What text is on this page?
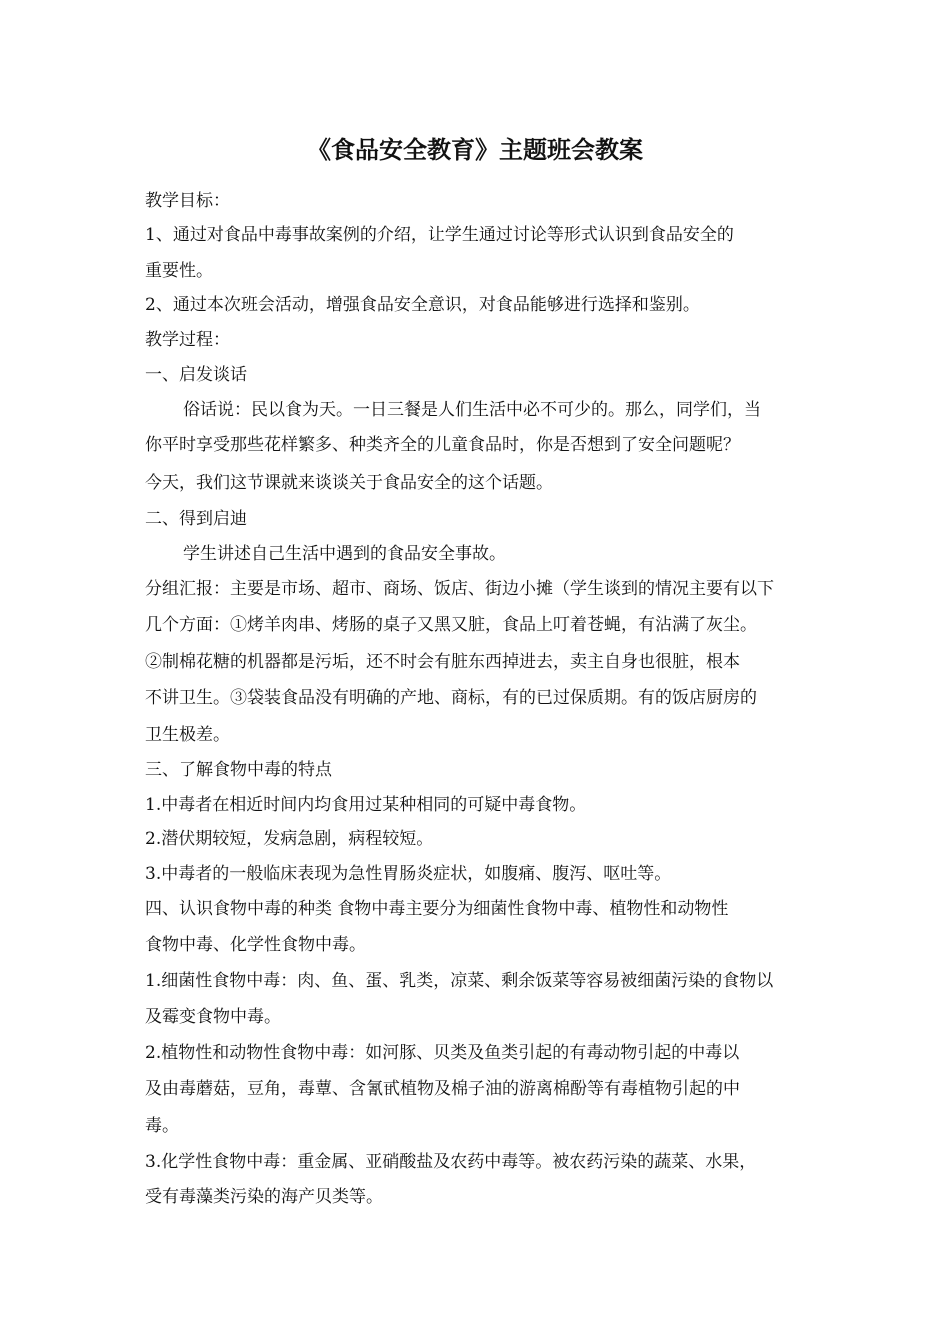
《食品安全教育》主题班会教案
教学目标：
1、通过对食品中毒事故案例的介绍，让学生通过讨论等形式认识到食品安全的
重要性。
2、通过本次班会活动，增强食品安全意识，对食品能够进行选择和鉴别。
教学过程：
一、启发谈话
俗话说：民以食为天。一日三餐是人们生活中必不可少的。那么，同学们，当
你平时享受那些花样繁多、种类齐全的儿童食品时，你是否想到了安全问题呢？
今天，我们这节课就来谈谈关于食品安全的这个话题。
二、得到启迪
学生讲述自己生活中遇到的食品安全事故。
分组汇报：主要是市场、超市、商场、饭店、街边小摊（学生谈到的情况主要有以下
几个方面：①烤羊肉串、烤肠的桌子又黑又脏，食品上叮着苍蝇，有沾满了灰尘。
②制棉花糖的机器都是污垢，还不时会有脏东西掉进去，卖主自身也很脏，根本
不讲卫生。③袋装食品没有明确的产地、商标，有的已过保质期。有的饭店厨房的
卫生极差。
三、了解食物中毒的特点
1.中毒者在相近时间内均食用过某种相同的可疑中毒食物。
2.潜伏期较短，发病急剧，病程较短。
3.中毒者的一般临床表现为急性胃肠炎症状，如腹痛、腹泻、呕吐等。
四、认识食物中毒的种类 食物中毒主要分为细菌性食物中毒、植物性和动物性
食物中毒、化学性食物中毒。
1.细菌性食物中毒：肉、鱼、蛋、乳类，凉菜、剩余饭菜等容易被细菌污染的食物以
及霉变食物中毒。
2.植物性和动物性食物中毒：如河豚、贝类及鱼类引起的有毒动物引起的中毒以
及由毒蘑菇，豆角，毒蕈、含氰甙植物及棉子油的游离棉酚等有毒植物引起的中
毒。
3.化学性食物中毒：重金属、亚硝酸盐及农药中毒等。被农药污染的蔬菜、水果，
受有毒藻类污染的海产贝类等。
